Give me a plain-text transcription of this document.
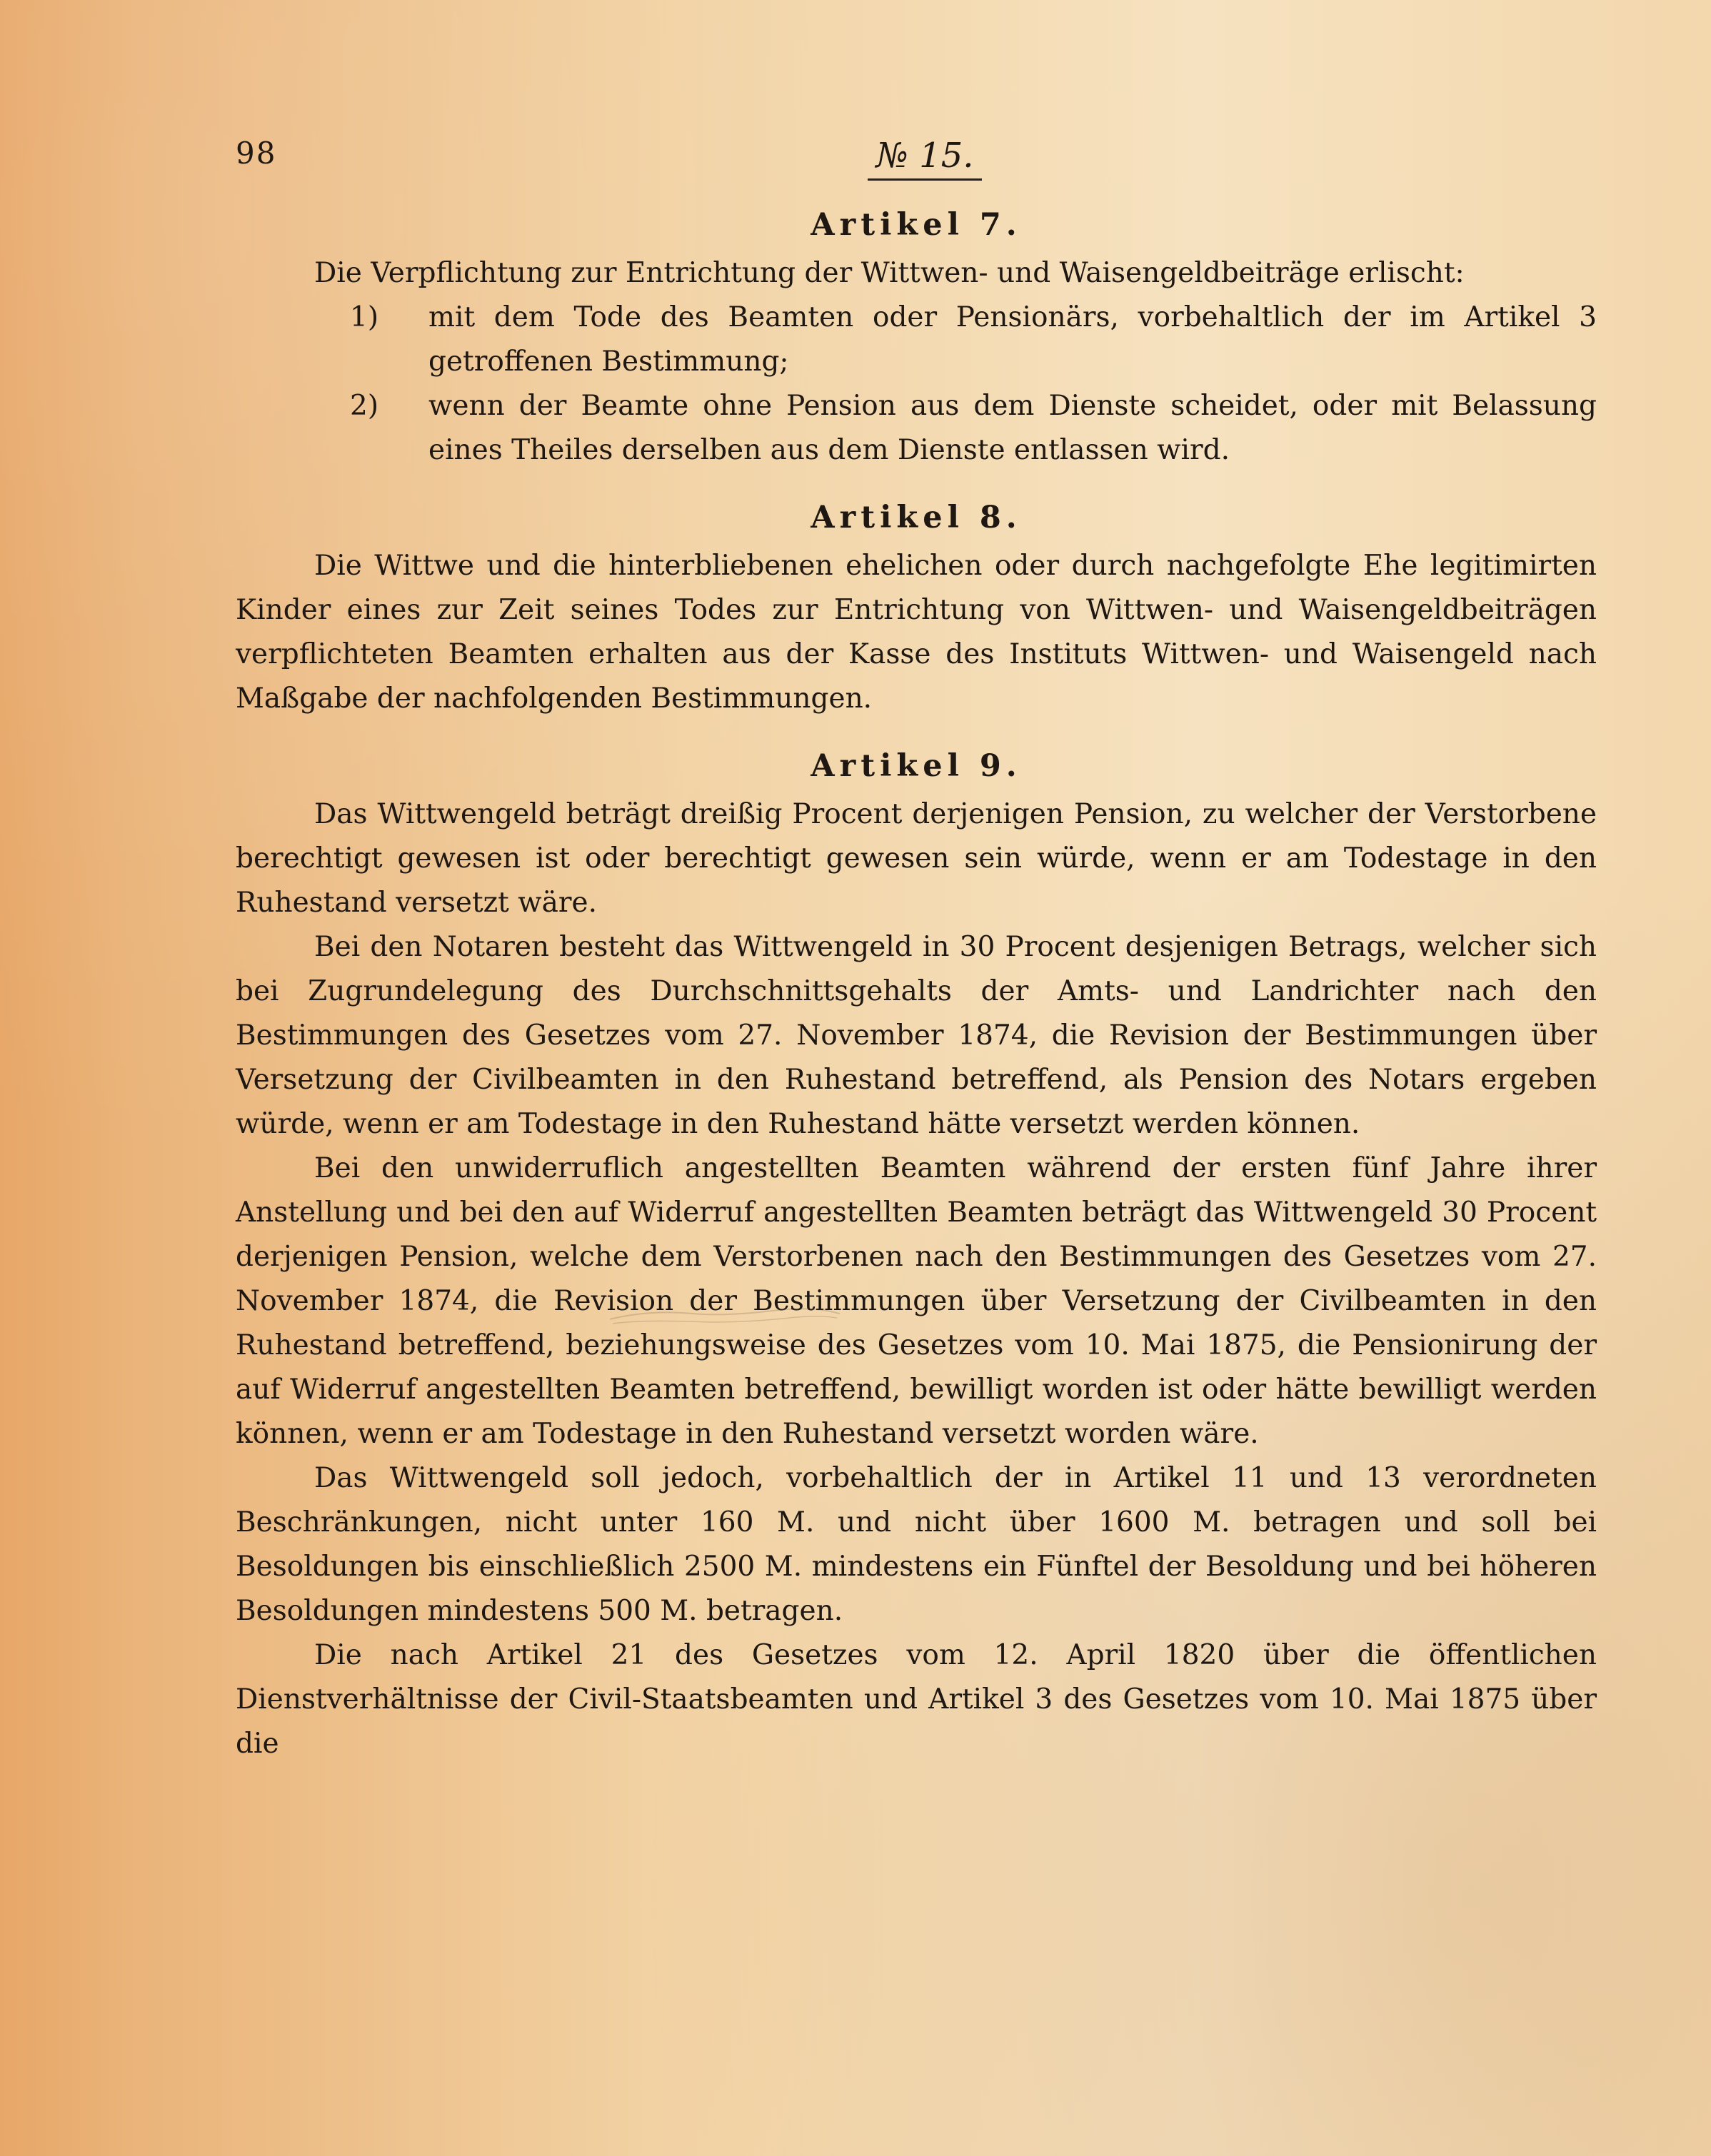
98	№ 15.
Artikel 7.

Die Verpflichtung zur Entrichtung der Wittwen- und Waisengeldbeiträge erlischt:

1)	mit dem Tode des Beamten oder Pensionärs, vorbehaltlich der im Artikel 3 getroffenen Bestimmung;
2)	wenn der Beamte ohne Pension aus dem Dienste scheidet, oder mit Belassung eines Theiles derselben aus dem Dienste entlassen wird.
Artikel 8.

Die Wittwe und die hinterbliebenen ehelichen oder durch nachgefolgte Ehe legitimirten Kinder eines zur Zeit seines Todes zur Entrichtung von Wittwen- und Waisengeldbeiträgen verpflichteten Beamten erhalten aus der Kasse des Instituts Wittwen- und Waisengeld nach Maßgabe der nachfolgenden Bestimmungen.

Artikel 9.

Das Wittwengeld beträgt dreißig Procent derjenigen Pension, zu welcher der Verstorbene berechtigt gewesen ist oder berechtigt gewesen sein würde, wenn er am Todestage in den Ruhestand versetzt wäre.

Bei den Notaren besteht das Wittwengeld in 30 Procent desjenigen Betrags, welcher sich bei Zugrundelegung des Durchschnittsgehalts der Amts- und Landrichter nach den Bestimmungen des Gesetzes vom 27. November 1874, die Revision der Bestimmungen über Versetzung der Civilbeamten in den Ruhestand betreffend, als Pension des Notars ergeben würde, wenn er am Todestage in den Ruhestand hätte versetzt werden können.

Bei den unwiderruflich angestellten Beamten während der ersten fünf Jahre ihrer Anstellung und bei den auf Widerruf angestellten Beamten beträgt das Wittwengeld 30 Procent derjenigen Pension, welche dem Verstorbenen nach den Bestimmungen des Gesetzes vom 27. November 1874, die Revision der Bestimmungen über Versetzung der Civilbeamten in den Ruhestand betreffend, beziehungsweise des Gesetzes vom 10. Mai 1875, die Pensionirung der auf Widerruf angestellten Beamten betreffend, bewilligt worden ist oder hätte bewilligt werden können, wenn er am Todestage in den Ruhestand versetzt worden wäre.

Das Wittwengeld soll jedoch, vorbehaltlich der in Artikel 11 und 13 verordneten Beschränkungen, nicht unter 160 M. und nicht über 1600 M. betragen und soll bei Besoldungen bis einschließlich 2500 M. mindestens ein Fünftel der Besoldung und bei höheren Besoldungen mindestens 500 M. betragen.

Die nach Artikel 21 des Gesetzes vom 12. April 1820 über die öffentlichen Dienstverhältnisse der Civil-Staatsbeamten und Artikel 3 des Gesetzes vom 10. Mai 1875 über die
